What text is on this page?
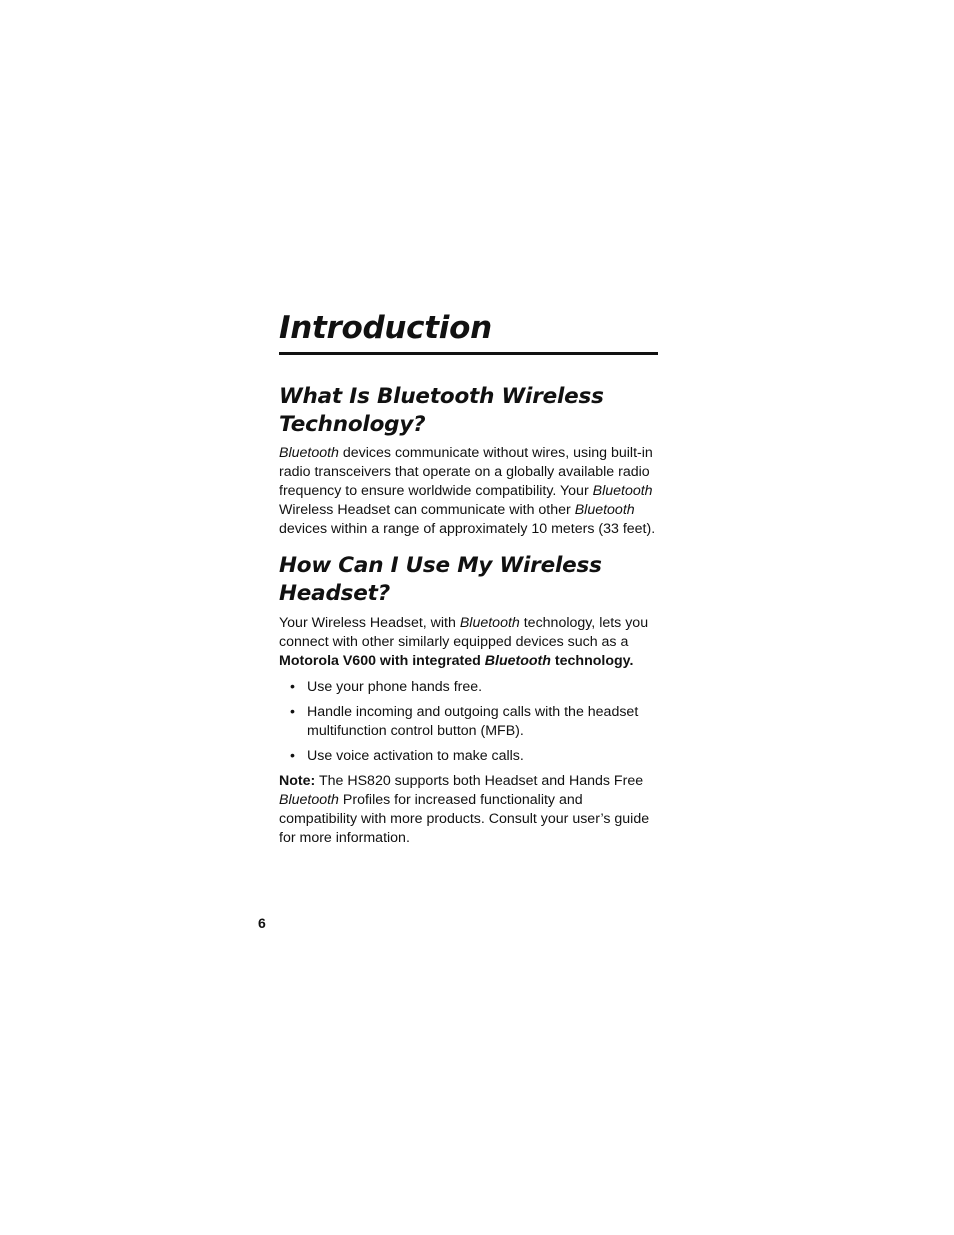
Introduction
What Is Bluetooth Wireless Technology?

Bluetooth devices communicate without wires, using built-in radio transceivers that operate on a globally available radio frequency to ensure worldwide compatibility. Your Bluetooth Wireless Headset can communicate with other Bluetooth devices within a range of approximately 10 meters (33 feet).

How Can I Use My Wireless Headset?

Your Wireless Headset, with Bluetooth technology, lets you connect with other similarly equipped devices such as a Motorola V600 with integrated Bluetooth technology.

• Use your phone hands free.
• Handle incoming and outgoing calls with the headset multifunction control button (MFB).
• Use voice activation to make calls.

Note: The HS820 supports both Headset and Hands Free Bluetooth Profiles for increased functionality and compatibility with more products. Consult your user’s guide for more information.

6
